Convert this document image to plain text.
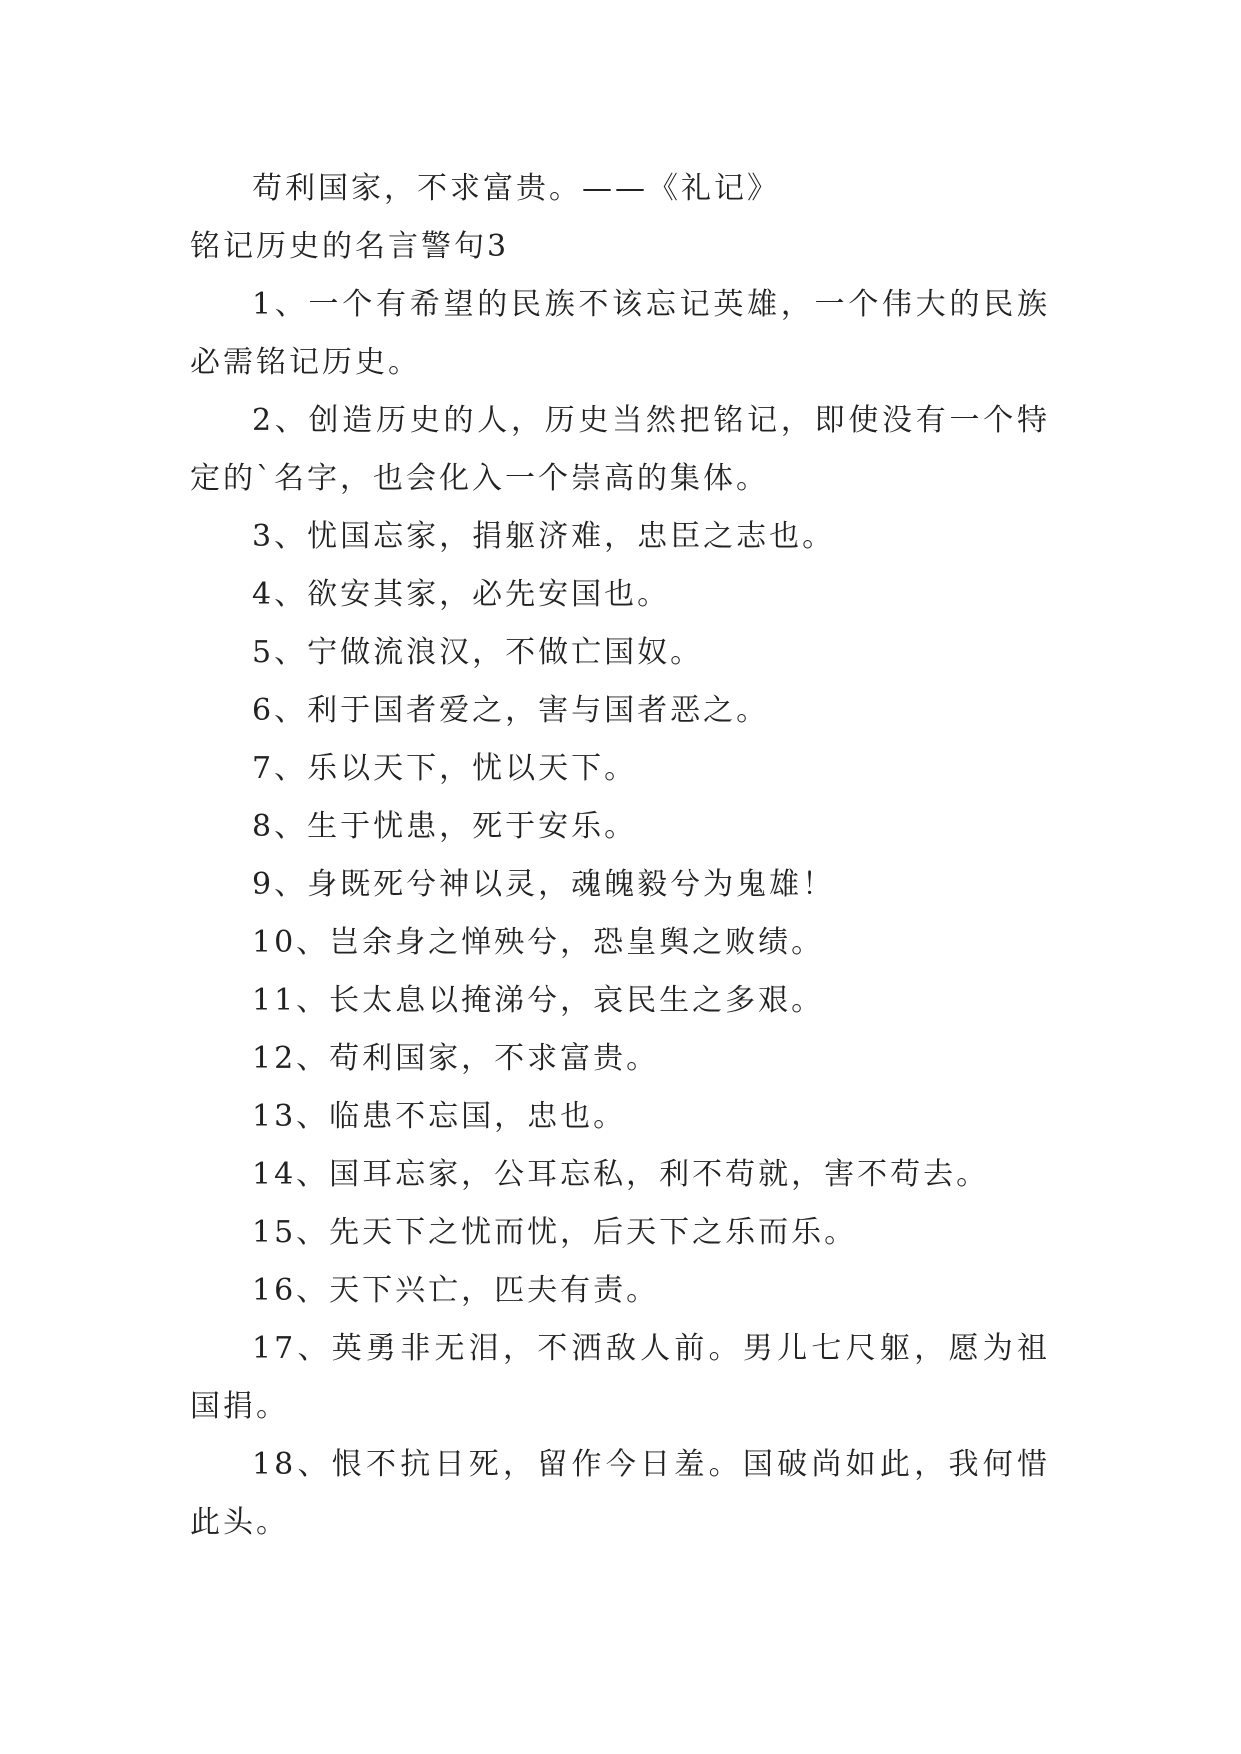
苟利国家，不求富贵。——《礼记》
铭记历史的名言警句3
1、一个有希望的民族不该忘记英雄，一个伟大的民族必需铭记历史。
2、创造历史的人，历史当然把铭记，即使没有一个特定的`名字，也会化入一个崇高的集体。
3、忧国忘家，捐躯济难，忠臣之志也。
4、欲安其家，必先安国也。
5、宁做流浪汉，不做亡国奴。
6、利于国者爱之，害与国者恶之。
7、乐以天下，忧以天下。
8、生于忧患，死于安乐。
9、身既死兮神以灵，魂魄毅兮为鬼雄！
10、岂余身之惮殃兮，恐皇舆之败绩。
11、长太息以掩涕兮，哀民生之多艰。
12、苟利国家，不求富贵。
13、临患不忘国，忠也。
14、国耳忘家，公耳忘私，利不苟就，害不苟去。
15、先天下之忧而忧，后天下之乐而乐。
16、天下兴亡，匹夫有责。
17、英勇非无泪，不洒敌人前。男儿七尺躯，愿为祖国捐。
18、恨不抗日死，留作今日羞。国破尚如此，我何惜此头。
